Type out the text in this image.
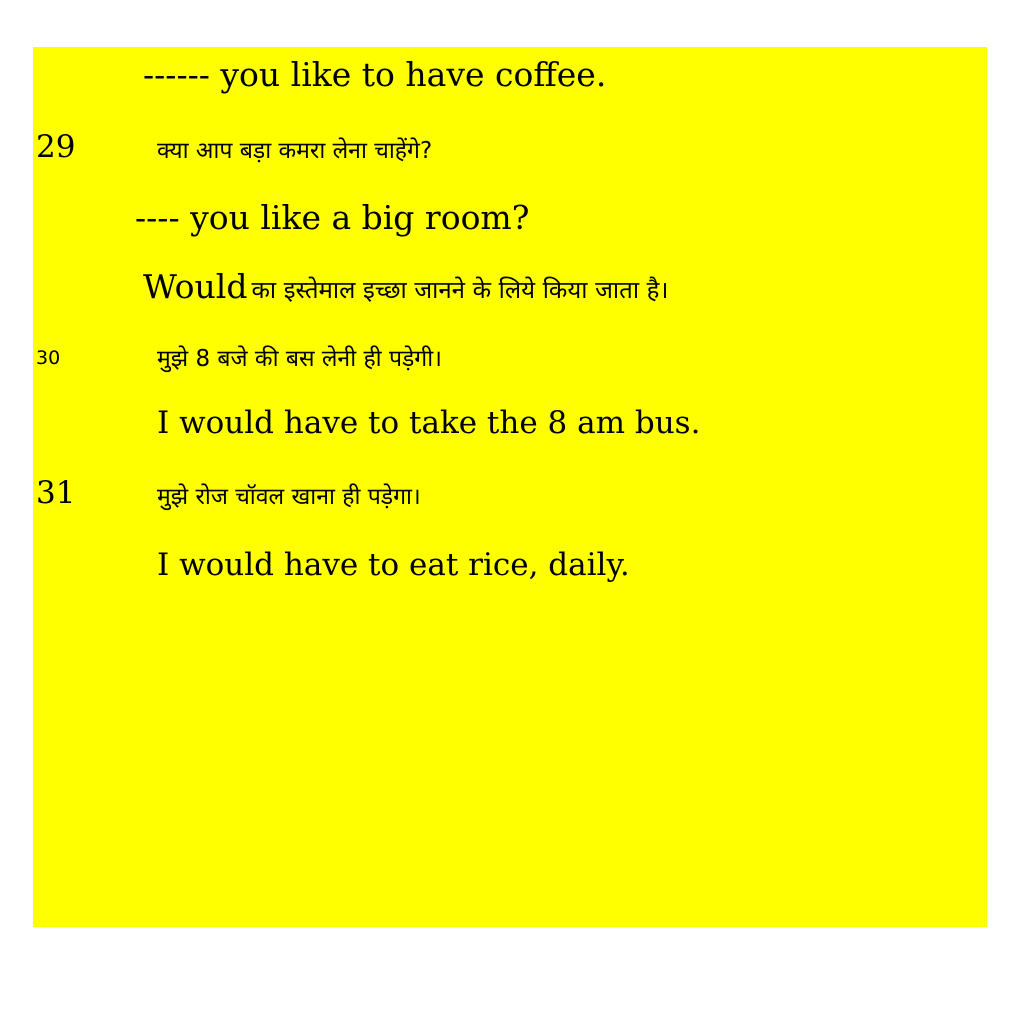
------ you like to have coffee.
29	क्या आप बड़ा कमरा लेना चाहेंगे?
---- you like a big room?
Would का इस्तेमाल इच्छा जानने के लिये किया जाता है।
30	मुझे 8 बजे की बस लेनी ही पड़ेगी।
I would have to take the 8 am bus.
31	मुझे रोज चॉवल खाना ही पड़ेगा।
I would have to eat rice, daily.
